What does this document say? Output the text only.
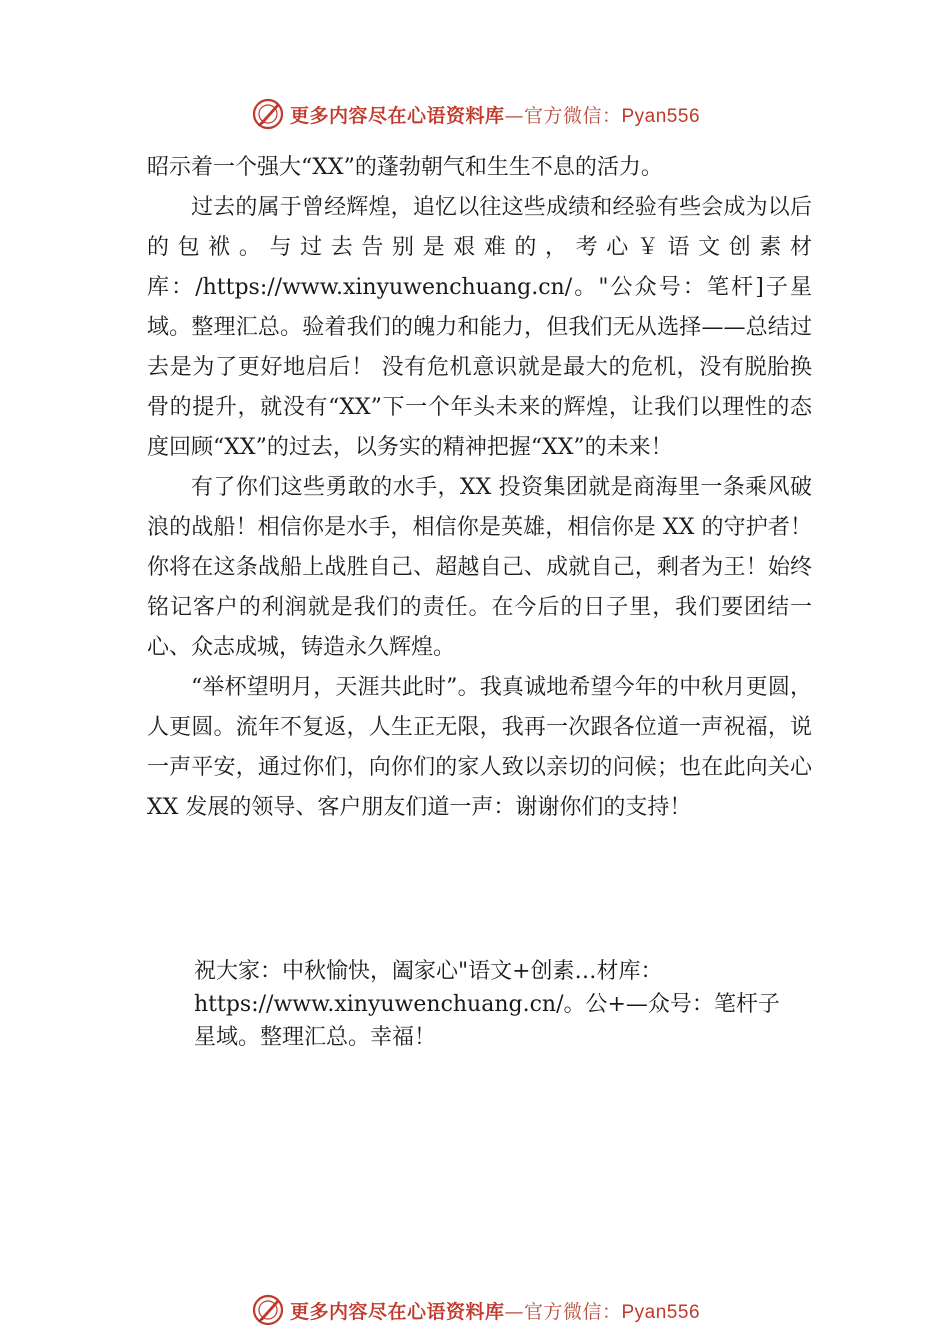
更多内容尽在心语资料库—官方微信：Pyan556

昭示着一个强大“XX”的蓬勃朝气和生生不息的活力。

过去的属于曾经辉煌，追忆以往这些成绩和经验有些会成为以后的包袱。与过去告别是艰难的，考心￥语文创素材库：/https://www.xinyuwenchuang.cn/。"公众号：笔杆]子星域。整理汇总。验着我们的魄力和能力，但我们无从选择——总结过去是为了更好地启后！ 没有危机意识就是最大的危机，没有脱胎换骨的提升，就没有“XX”下一个年头未来的辉煌，让我们以理性的态度回顾“XX”的过去，以务实的精神把握“XX”的未来！

有了你们这些勇敢的水手，XX 投资集团就是商海里一条乘风破浪的战船！相信你是水手，相信你是英雄，相信你是 XX 的守护者！你将在这条战船上战胜自己、超越自己、成就自己，剩者为王！始终铭记客户的利润就是我们的责任。在今后的日子里，我们要团结一心、众志成城，铸造永久辉煌。

“举杯望明月，天涯共此时”。我真诚地希望今年的中秋月更圆，人更圆。流年不复返，人生正无限，我再一次跟各位道一声祝福，说一声平安，通过你们，向你们的家人致以亲切的问候；也在此向关心 XX 发展的领导、客户朋友们道一声：谢谢你们的支持！

祝大家：中秋愉快，阖家心"语文+创素…材库：

https://www.xinyuwenchuang.cn/。公+—众号：笔杆子

星域。整理汇总。幸福！

更多内容尽在心语资料库—官方微信：Pyan556
